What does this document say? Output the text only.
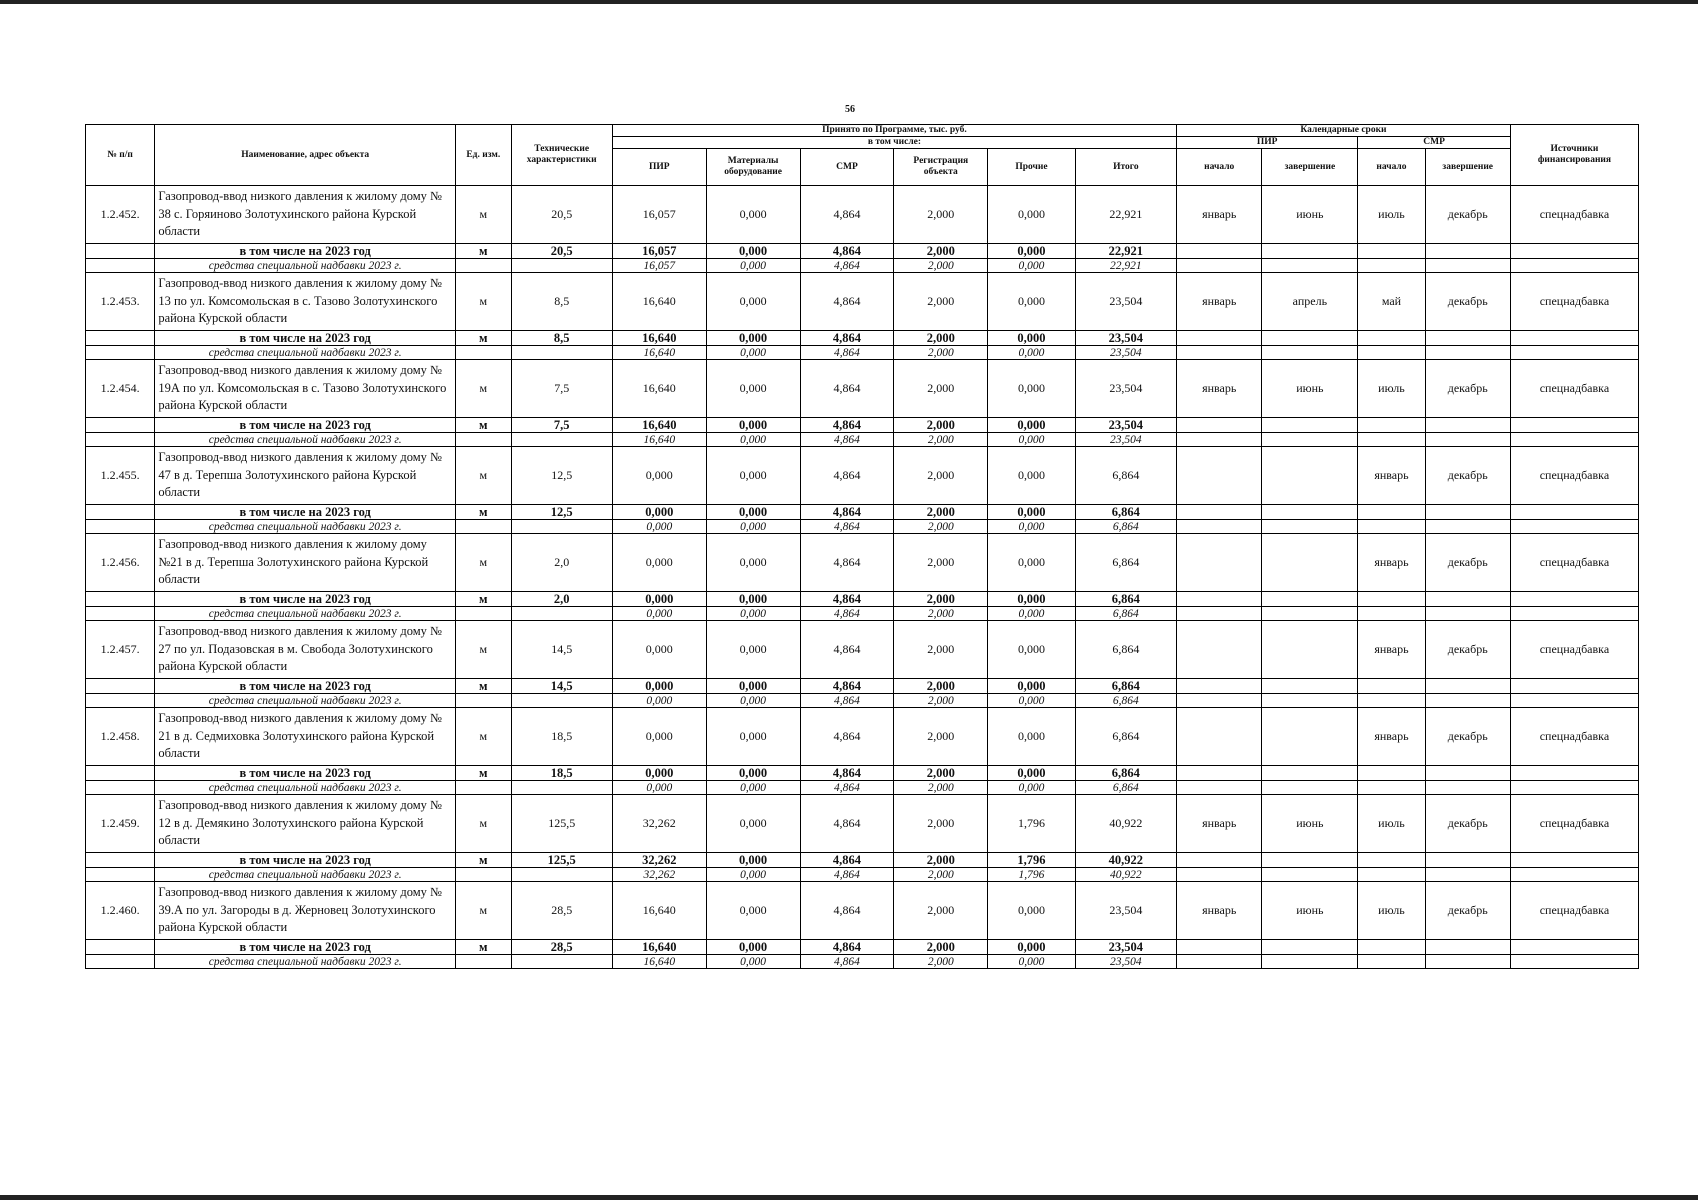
56
№ п/п	Наименование, адрес объекта	Ед. изм.	Технические характеристики	Принято по Программе, тыс. руб.						Календарные сроки				Источники финансирования
				в том числе:						ПИР		СМР		
				ПИР	Материалы оборудование	СМР	Регистрация объекта	Прочие	Итого	начало	завершение	начало	завершение	
1.2.452.	Газопровод-ввод низкого давления к жилому дому № 38 с. Горяиново Золотухинского района Курской области	м	20,5	16,057	0,000	4,864	2,000	0,000	22,921	январь	июнь	июль	декабрь	спецнадбавка
	в том числе на 2023 год	м	20,5	16,057	0,000	4,864	2,000	0,000	22,921					
	средства специальной надбавки 2023 г.			16,057	0,000	4,864	2,000	0,000	22,921					
1.2.453.	Газопровод-ввод низкого давления к жилому дому № 13 по ул. Комсомольская в с. Тазово Золотухинского района Курской области	м	8,5	16,640	0,000	4,864	2,000	0,000	23,504	январь	апрель	май	декабрь	спецнадбавка
	в том числе на 2023 год	м	8,5	16,640	0,000	4,864	2,000	0,000	23,504					
	средства специальной надбавки 2023 г.			16,640	0,000	4,864	2,000	0,000	23,504					
1.2.454.	Газопровод-ввод низкого давления к жилому дому № 19А по ул. Комсомольская в с. Тазово Золотухинского района Курской области	м	7,5	16,640	0,000	4,864	2,000	0,000	23,504	январь	июнь	июль	декабрь	спецнадбавка
	в том числе на 2023 год	м	7,5	16,640	0,000	4,864	2,000	0,000	23,504					
	средства специальной надбавки 2023 г.			16,640	0,000	4,864	2,000	0,000	23,504					
1.2.455.	Газопровод-ввод низкого давления к жилому дому № 47 в д. Терепша Золотухинского района Курской области	м	12,5	0,000	0,000	4,864	2,000	0,000	6,864			январь	декабрь	спецнадбавка
	в том числе на 2023 год	м	12,5	0,000	0,000	4,864	2,000	0,000	6,864					
	средства специальной надбавки 2023 г.			0,000	0,000	4,864	2,000	0,000	6,864					
1.2.456.	Газопровод-ввод низкого давления к жилому дому №21 в д. Терепша Золотухинского района Курской области	м	2,0	0,000	0,000	4,864	2,000	0,000	6,864			январь	декабрь	спецнадбавка
	в том числе на 2023 год	м	2,0	0,000	0,000	4,864	2,000	0,000	6,864					
	средства специальной надбавки 2023 г.			0,000	0,000	4,864	2,000	0,000	6,864					
1.2.457.	Газопровод-ввод низкого давления к жилому дому № 27 по ул. Подазовская в м. Свобода Золотухинского района Курской области	м	14,5	0,000	0,000	4,864	2,000	0,000	6,864			январь	декабрь	спецнадбавка
	в том числе на 2023 год	м	14,5	0,000	0,000	4,864	2,000	0,000	6,864					
	средства специальной надбавки 2023 г.			0,000	0,000	4,864	2,000	0,000	6,864					
1.2.458.	Газопровод-ввод низкого давления к жилому дому № 21 в д. Седмиховка Золотухинского района Курской области	м	18,5	0,000	0,000	4,864	2,000	0,000	6,864			январь	декабрь	спецнадбавка
	в том числе на 2023 год	м	18,5	0,000	0,000	4,864	2,000	0,000	6,864					
	средства специальной надбавки 2023 г.			0,000	0,000	4,864	2,000	0,000	6,864					
1.2.459.	Газопровод-ввод низкого давления к жилому дому № 12 в д. Демякино Золотухинского района Курской области	м	125,5	32,262	0,000	4,864	2,000	1,796	40,922	январь	июнь	июль	декабрь	спецнадбавка
	в том числе на 2023 год	м	125,5	32,262	0,000	4,864	2,000	1,796	40,922					
	средства специальной надбавки 2023 г.			32,262	0,000	4,864	2,000	1,796	40,922					
1.2.460.	Газопровод-ввод низкого давления к жилому дому № 39.А по ул. Загороды в д. Жерновец Золотухинского района Курской области	м	28,5	16,640	0,000	4,864	2,000	0,000	23,504	январь	июнь	июль	декабрь	спецнадбавка
	в том числе на 2023 год	м	28,5	16,640	0,000	4,864	2,000	0,000	23,504					
	средства специальной надбавки 2023 г.			16,640	0,000	4,864	2,000	0,000	23,504					
